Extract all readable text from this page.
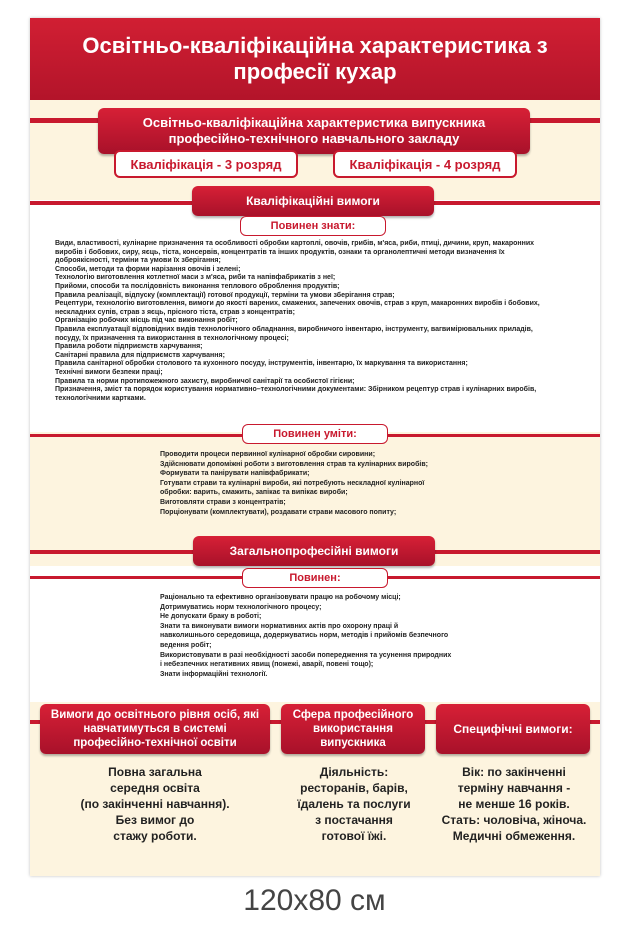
Освітньо-кваліфікаційна характеристика з професії кухар
Освітньо-кваліфікаційна характеристика випускника професійно-технічного навчального закладу
Кваліфікація - 3 розряд	Кваліфікація - 4 розряд
Кваліфікаційні вимоги
Повинен знати:
Види, властивості, кулінарне призначення та особливості обробки картоплі, овочів, грибів, м'яса, риби, птиці, дичини, круп, макаронних
виробів і бобових, сиру, яєць, тіста, консервів, концентратів та інших продуктів, ознаки та органолептичні методи визначення їх
доброякісності, терміни та умови їх зберігання;
Способи, методи та форми нарізання овочів і зелені;
Технологію виготовлення котлетної маси з м'яса, риби та напівфабрикатів з неї;
Прийоми, способи та послідовність виконання теплового оброблення продуктів;
Правила реалізації, відпуску (комплектації) готової продукції, терміни та умови зберігання страв;
Рецептури, технологію виготовлення, вимоги до якості варених, смажених, запечених овочів, страв з круп, макаронних виробів і бобових,
нескладних супів, страв з яєць, прісного тіста, страв з концентратів;
Організацію робочих місць під час виконання робіт;
Правила експлуатації відповідних видів технологічного обладнання, виробничого інвентарю, інструменту, вагвимірювальних приладів,
посуду, їх призначення та використання в технологічному процесі;
Правила роботи підприємств харчування;
Санітарні правила для підприємств харчування;
Правила санітарної обробки столового та кухонного посуду, інструментів, інвентарю, їх маркування та використання;
Технічні вимоги безпеки праці;
Правила та норми протипожежного захисту, виробничої санітарії та особистої гігієни;
Призначення, зміст та порядок користування нормативно–технологічними документами: Збірником рецептур страв і кулінарних виробів,
технологічними картками.
Повинен уміти:
Проводити процеси первинної кулінарної обробки сировини;
Здійснювати допоміжні роботи з виготовлення страв та кулінарних виробів;
Формувати та панірувати напівфабрикати;
Готувати страви та кулінарні вироби, які потребують нескладної кулінарної
обробки: варить, смажить, запікає та випікає вироби;
Виготовляти страви з концентратів;
Порціонувати (комплектувати), роздавати страви масового попиту;
Загальнопрофесійні вимоги
Повинен:
Раціонально та ефективно організовувати працю на робочому місці;
Дотримуватись норм технологічного процесу;
Не допускати браку в роботі;
Знати та виконувати вимоги нормативних актів про охорону праці й
навколишнього середовища, додержуватись норм, методів і прийомів безпечного
ведення робіт;
Використовувати в разі необхідності засоби попередження та усунення природних
і небезпечних негативних явищ (пожежі, аварії, повені тощо);
Знати інформаційні технології.
Вимоги до освітнього рівня осіб, які навчатимуться в системі професійно-технічної освіти
Сфера професійного використання випускника
Специфічні вимоги:
Повна загальна
середня освіта
(по закінченні навчання).
Без вимог до
стажу роботи.
Діяльність:
ресторанів, барів,
їдалень та послуги
з постачання
готової їжі.
Вік: по закінченні
терміну навчання -
не менше 16 років.
Стать: чоловіча, жіноча.
Медичні обмеження.
120х80 см
